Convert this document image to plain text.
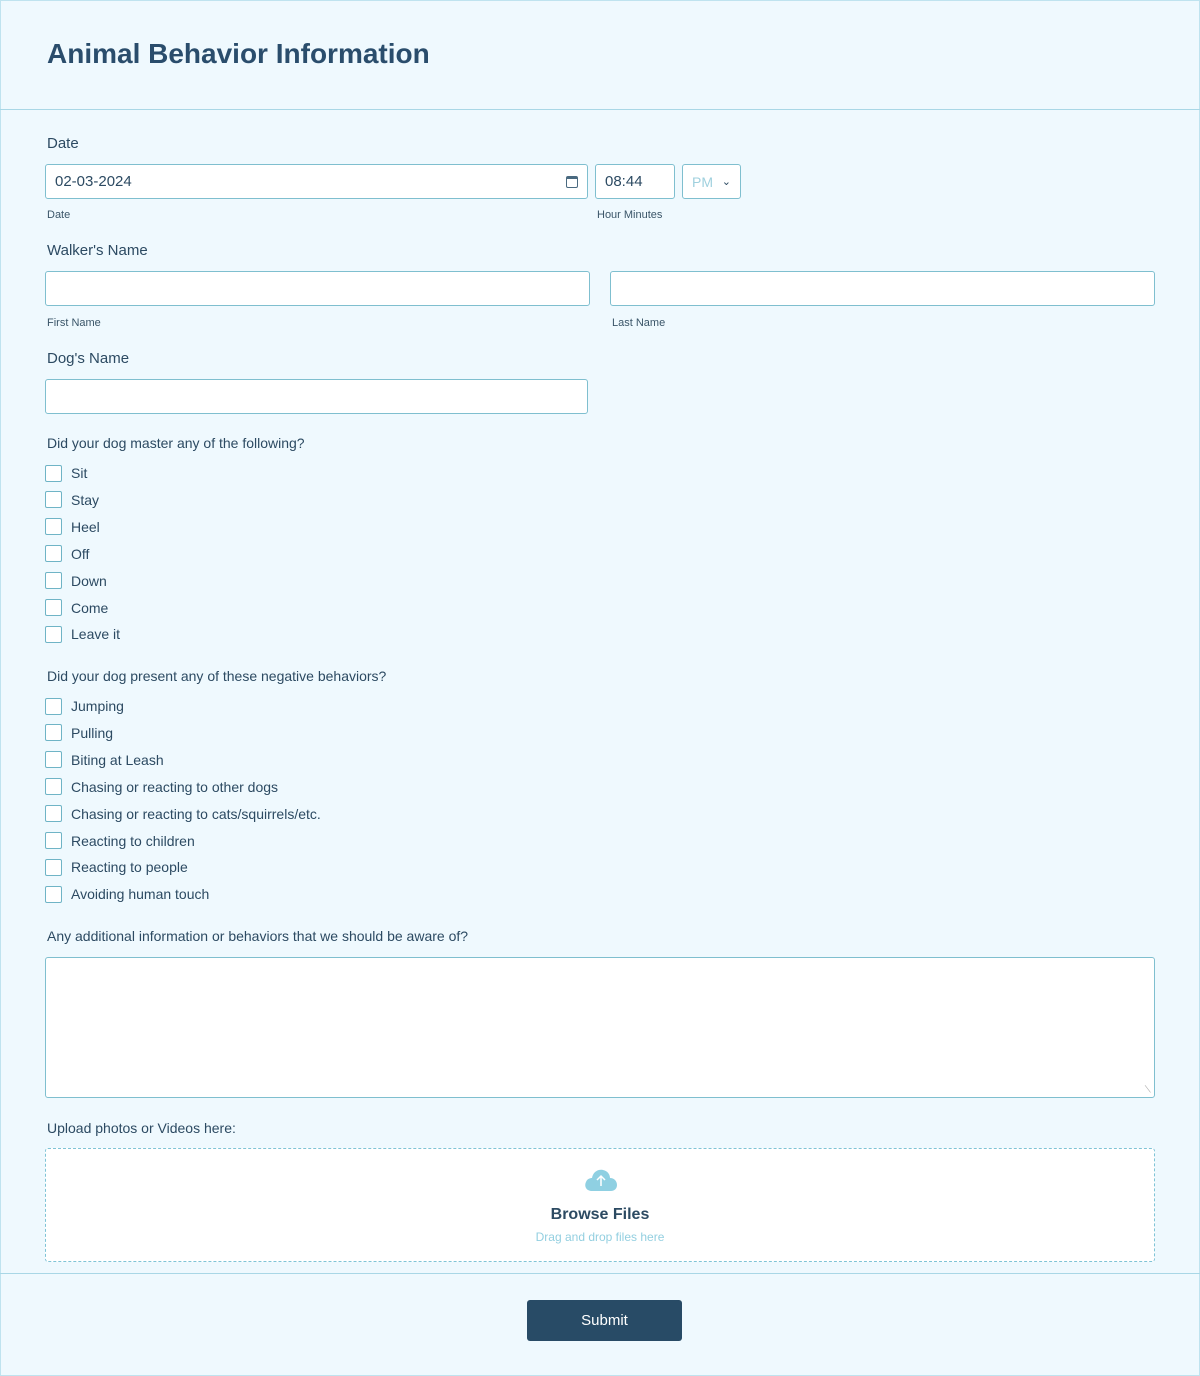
Animal Behavior Information
Date
02-03-2024	08:44	PM ⌄
Date	Hour Minutes
Walker's Name
First Name	Last Name
Dog's Name
Did your dog master any of the following?
Sit
Stay
Heel
Off
Down
Come
Leave it
Did your dog present any of these negative behaviors?
Jumping
Pulling
Biting at Leash
Chasing or reacting to other dogs
Chasing or reacting to cats/squirrels/etc.
Reacting to children
Reacting to people
Avoiding human touch
Any additional information or behaviors that we should be aware of?
Upload photos or Videos here:
Browse Files
Drag and drop files here
Submit
